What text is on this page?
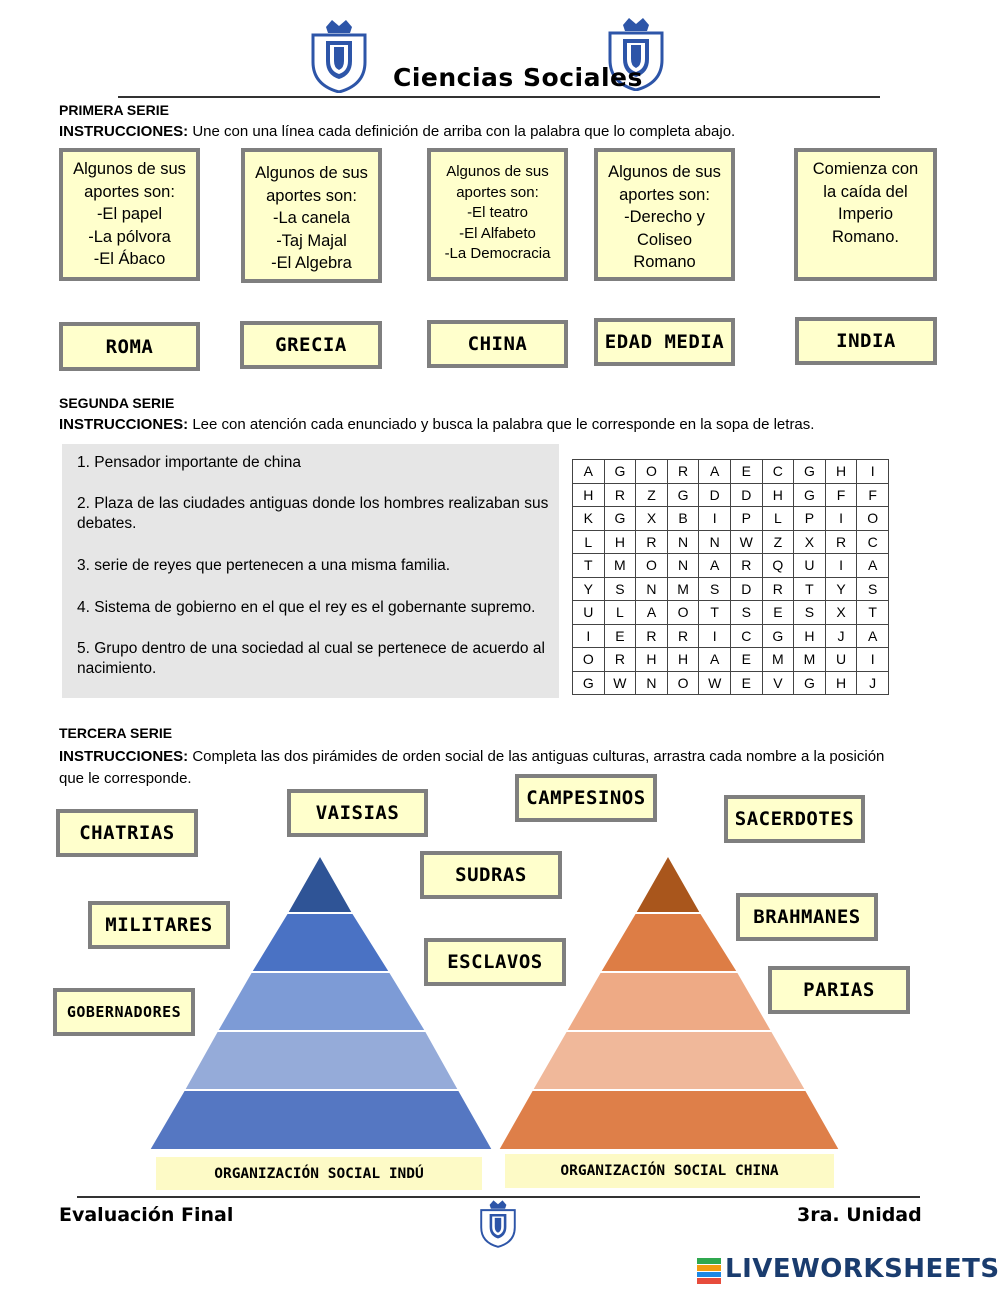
Ciencias Sociales
PRIMERA SERIE
INSTRUCCIONES: Une con una línea cada definición de arriba con la palabra que lo completa abajo.
Algunos de sus
aportes son:
-El papel
-La pólvora
-El Ábaco
Algunos de sus
aportes son:
-La canela
-Taj Majal
-El Algebra
Algunos de sus
aportes son:
-El teatro
-El Alfabeto
-La Democracia
Algunos de sus
aportes son:
-Derecho y
Coliseo
Romano
Comienza con
la caída del
Imperio
Romano.
ROMA	GRECIA	CHINA	EDAD MEDIA	INDIA
SEGUNDA SERIE
INSTRUCCIONES: Lee con atención cada enunciado y busca la palabra que le corresponde en la sopa de letras.
1. Pensador importante de china
2. Plaza de las ciudades antiguas donde los hombres realizaban sus
debates.
3. serie de reyes que pertenecen a una misma familia.
4. Sistema de gobierno en el que el rey es el gobernante supremo.
5. Grupo dentro de una sociedad al cual se pertenece de acuerdo al
nacimiento.
A	G	O	R	A	E	C	G	H	I
H	R	Z	G	D	D	H	G	F	F
K	G	X	B	I	P	L	P	I	O
L	H	R	N	N	W	Z	X	R	C
T	M	O	N	A	R	Q	U	I	A
Y	S	N	M	S	D	R	T	Y	S
U	L	A	O	T	S	E	S	X	T
I	E	R	R	I	C	G	H	J	A
O	R	H	H	A	E	M	M	U	I
G	W	N	O	W	E	V	G	H	J
TERCERA SERIE
INSTRUCCIONES: Completa las dos pirámides de orden social de las antiguas culturas, arrastra cada nombre a la posición
que le corresponde.
ORGANIZACIÓN SOCIAL INDÚ	ORGANIZACIÓN SOCIAL CHINA
CHATRIAS
VAISIAS
CAMPESINOS
SACERDOTES
SUDRAS
MILITARES	BRAHMANES
ESCLAVOS
GOBERNADORES
PARIAS
Evaluación Final	3ra. Unidad
LIVEWORKSHEETS
